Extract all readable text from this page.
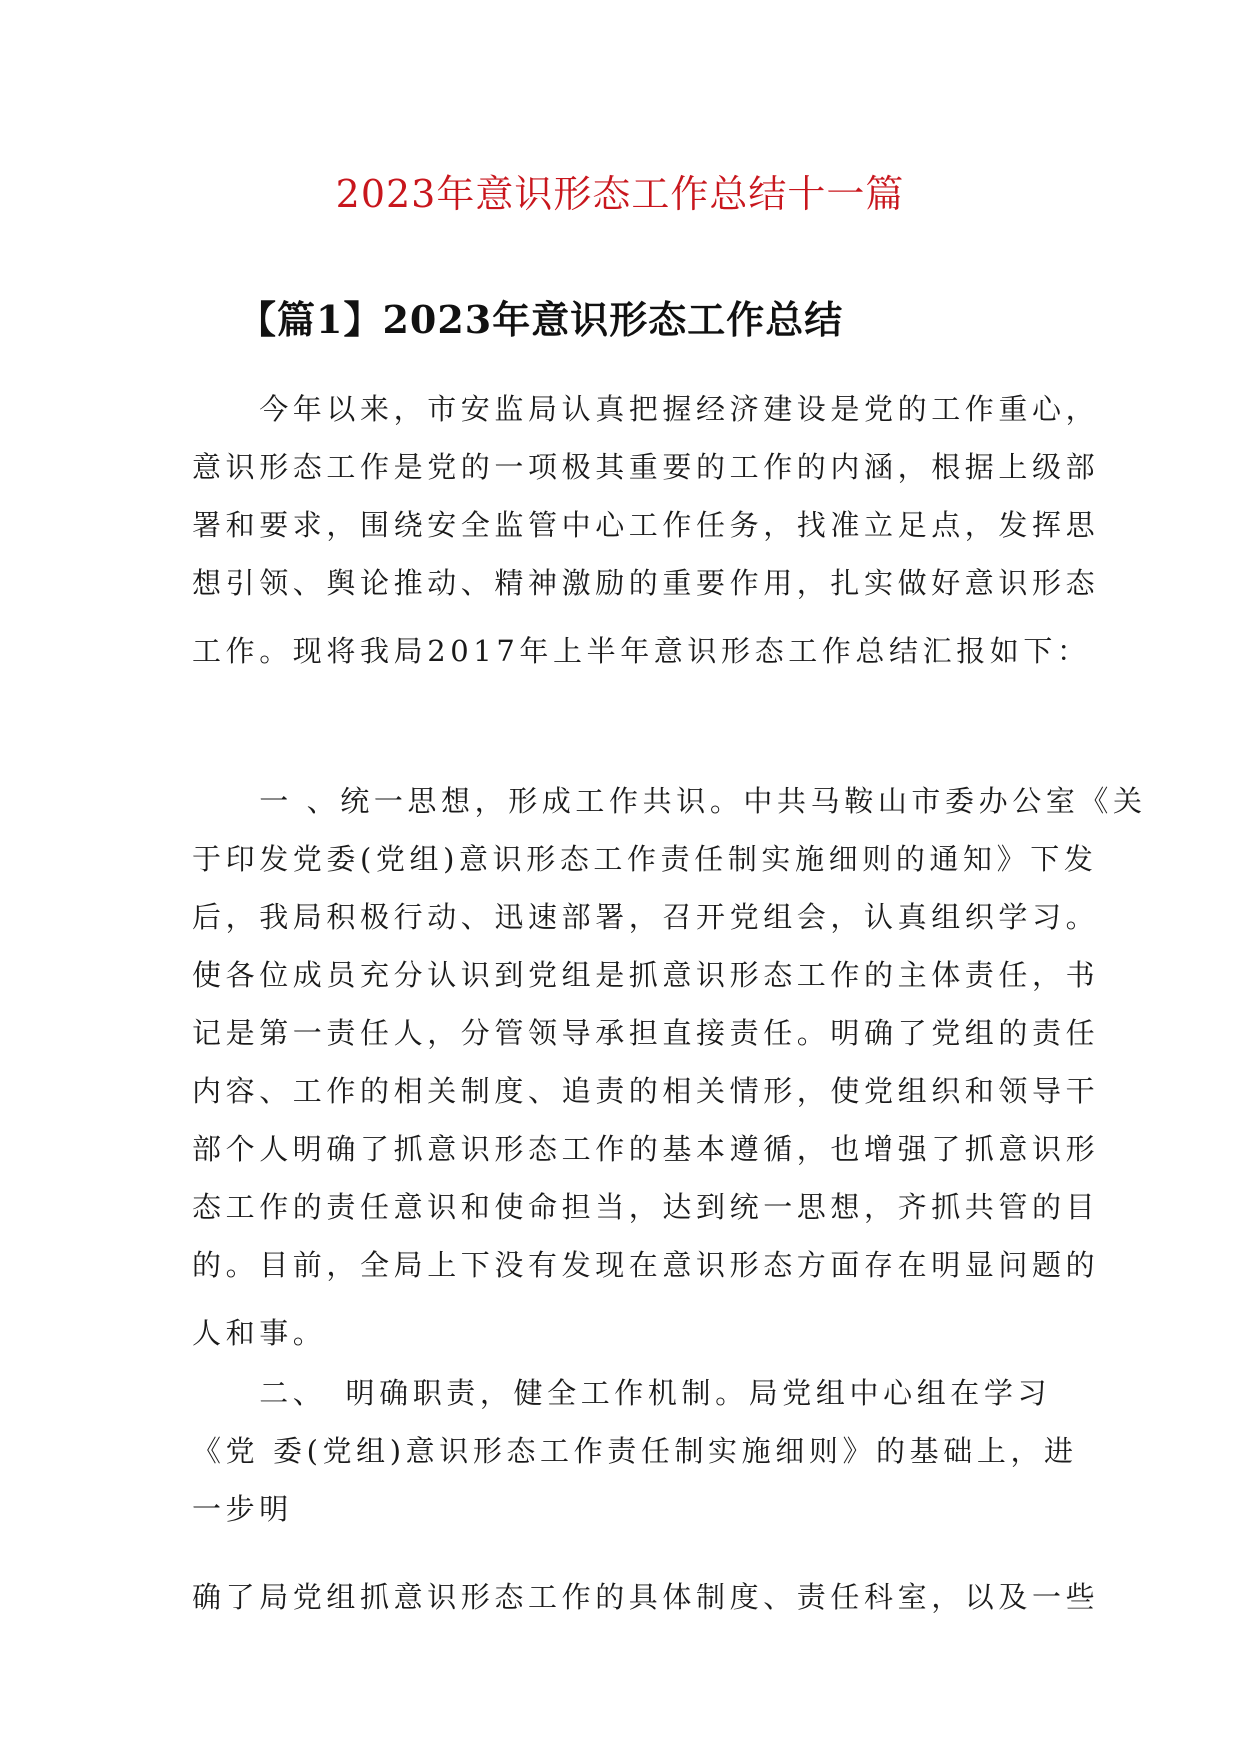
2023年意识形态工作总结十一篇
【篇1】2023年意识形态工作总结
　　今年以来，市安监局认真把握经济建设是党的工作重心，
意识形态工作是党的一项极其重要的工作的内涵，根据上级部
署和要求，围绕安全监管中心工作任务，找准立足点，发挥思
想引领、舆论推动、精神激励的重要作用，扎实做好意识形态
工作。现将我局2017年上半年意识形态工作总结汇报如下：
　　一 、统一思想，形成工作共识。中共马鞍山市委办公室《关
于印发党委(党组)意识形态工作责任制实施细则的通知》下发
后，我局积极行动、迅速部署，召开党组会，认真组织学习。
使各位成员充分认识到党组是抓意识形态工作的主体责任，书
记是第一责任人，分管领导承担直接责任。明确了党组的责任
内容、工作的相关制度、追责的相关情形，使党组织和领导干
部个人明确了抓意识形态工作的基本遵循，也增强了抓意识形
态工作的责任意识和使命担当，达到统一思想，齐抓共管的目
的。目前，全局上下没有发现在意识形态方面存在明显问题的
人和事。
　　二、　明确职责，健全工作机制。局党组中心组在学习
《党 委(党组)意识形态工作责任制实施细则》的基础上，进
一步明
确了局党组抓意识形态工作的具体制度、责任科室，以及一些
